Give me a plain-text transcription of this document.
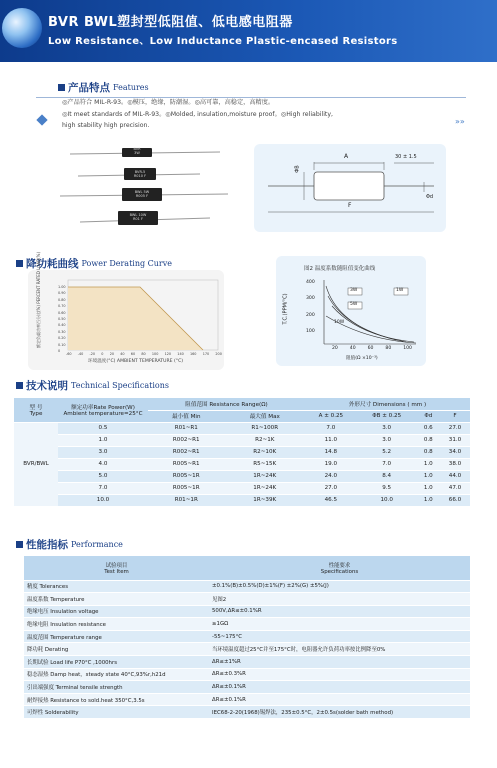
BVR BWL塑封型低阻值、低电感电阻器
Low Resistance、Low Inductance Plastic-encased Resistors
产品特点 Features
◎产品符合 MIL-R-93。◎模压，绝缘，防潮湿。◎高可靠，高稳定，高精度。
◎It meet standards of MIL-R-93。◎Molded, insulation,moisture proof。◎High reliability,
high stability high precision.	»»
BVR
3W
BVR-5
R010 F
BWL 5W
R005 F
BWL 10W
R01 F
A	30 ± 1.5
ΦB
Φd
F
降功耗曲线 Power Derating Curve
额定负载功率百分比(%) PERCENT RATED LOAD(%)
环境温度(°C) AMBIENT TEMPERATURE (°C)
-60 -40 -20 0 20 40 60 80 100 120 140 160 170 200
1.00
0.90
0.80
0.70
0.60
0.50
0.40
0.30
0.20
0.10
0
图2 温度系数随阻值变化曲线
T.C.(PPM/°C)
400
300
200
100
20	40	60	80	100
阻值(Ω ×10⁻³)
3W
5W
1W
10W
技术说明 Technical Specifications
型 号
Type	额定功率Rate Power(W)
Ambient temperature=25°C	阻值范围 Resistance Range(Ω)		外形尺寸 Dimensions ( mm )			
		最小值 Min	最大值 Max	A ± 0.25	ΦB ± 0.25	Φd	F
BVR/BWL	0.5	R01~R1	R1~100R	7.0	3.0	0.6	27.0
	1.0	R002~R1	R2~1K	11.0	3.0	0.8	31.0
	3.0	R002~R1	R2~10K	14.8	5.2	0.8	34.0
	4.0	R005~R1	R5~15K	19.0	7.0	1.0	38.0
	5.0	R005~1R	1R~24K	24.0	8.4	1.0	44.0
	7.0	R005~1R	1R~24K	27.0	9.5	1.0	47.0
	10.0	R01~1R	1R~39K	46.5	10.0	1.0	66.0
性能指标 Performance
试验项目
Test Item	性能要求
Specifications
精度 Tolerances	±0.1%(B)±0.5%(D)±1%(F) ±2%(G) ±5%(J)
温度系数 Temperature	见图2
绝缘电压 Insulation voltage	500V,ΔR≤±0.1%R
绝缘电阻 Insulation resistance	≥1GΩ
温度范围 Temperature range	-55~175°C
降功耗 Derating	当环境温度超过25°C并至175°C时，电阻器允许负荷功率按比例降至0%
长期试验 Load life P70°C ,1000hrs	ΔR≤±1%R
稳态湿热 Damp heat，steady state 40°C,93%r,h21d	ΔR≤±0.3%R
引出端强度 Terminal tensile strength	ΔR≤±0.1%R
耐焊接热 Resistance to sold.heat 350°C,3.5s	ΔR≤±0.1%R
可焊性 Solderability	IEC68-2-20(1968)锡焊法，235±0.5°C，2±0.5s(solder bath method)
